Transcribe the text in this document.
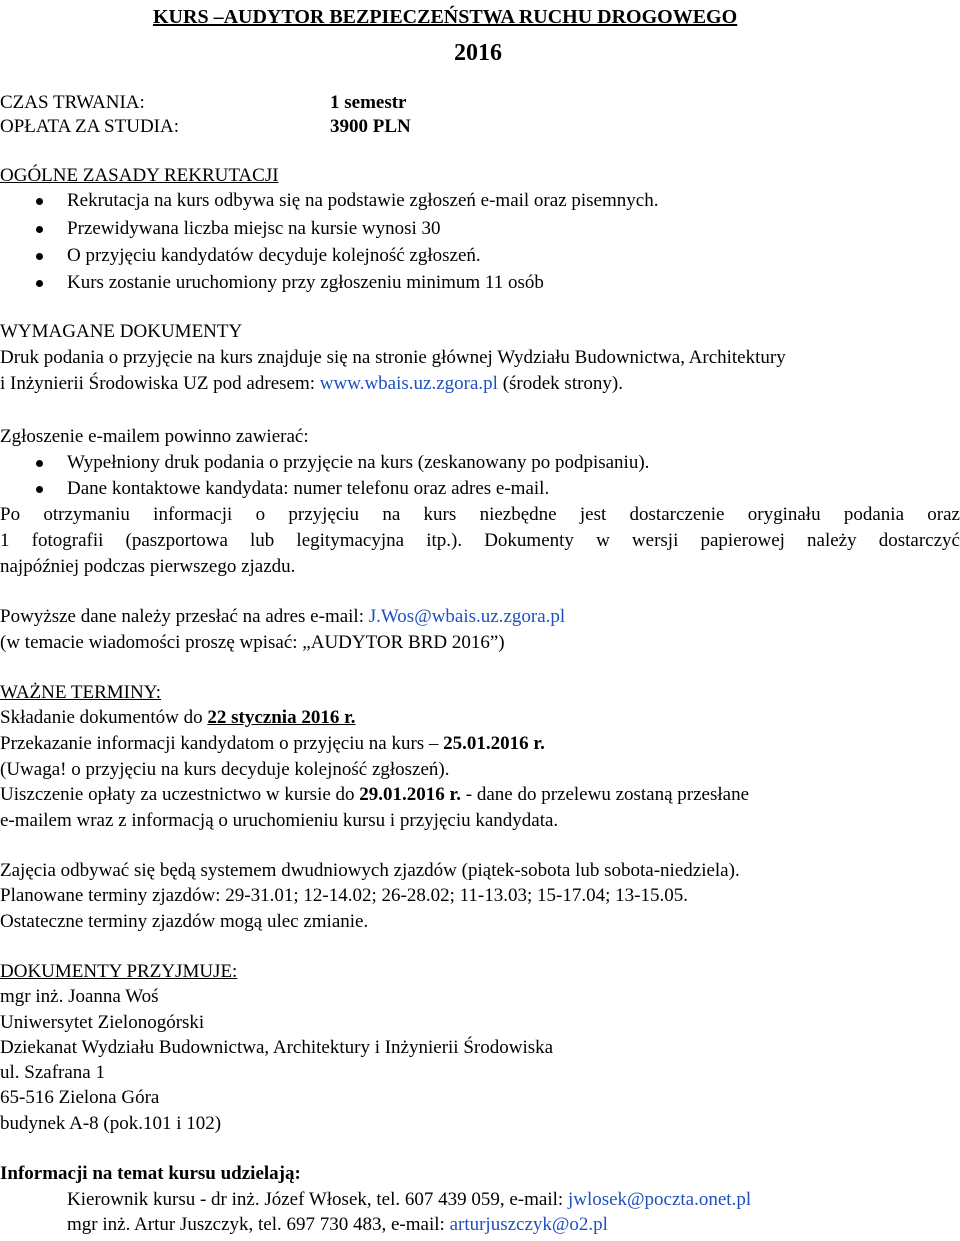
KURS –AUDYTOR BEZPIECZEŃSTWA RUCHU DROGOWEGO
2016
CZAS TRWANIA:	1 semestr
OPŁATA ZA STUDIA:	3900 PLN
OGÓLNE ZASADY REKRUTACJI
Rekrutacja na kurs odbywa się na podstawie zgłoszeń e-mail oraz pisemnych.
Przewidywana liczba miejsc na kursie wynosi 30
O przyjęciu kandydatów decyduje kolejność zgłoszeń.
Kurs zostanie uruchomiony przy zgłoszeniu minimum 11 osób
WYMAGANE DOKUMENTY
Druk podania o przyjęcie na kurs znajduje się na stronie głównej Wydziału Budownictwa, Architektury
i Inżynierii Środowiska UZ pod adresem: www.wbais.uz.zgora.pl (środek strony).
Zgłoszenie e-mailem powinno zawierać:
Wypełniony druk podania o przyjęcie na kurs (zeskanowany po podpisaniu).
Dane kontaktowe kandydata: numer telefonu oraz adres e-mail.
Po otrzymaniu informacji o przyjęciu na kurs niezbędne jest dostarczenie oryginału podania oraz
1 fotografii (paszportowa lub legitymacyjna itp.). Dokumenty w wersji papierowej należy dostarczyć
najpóźniej podczas pierwszego zjazdu.
Powyższe dane należy przesłać na adres e-mail: J.Wos@wbais.uz.zgora.pl
(w temacie wiadomości proszę wpisać: „AUDYTOR BRD 2016”)
WAŻNE TERMINY:
Składanie dokumentów do 22 stycznia 2016 r.
Przekazanie informacji kandydatom o przyjęciu na kurs – 25.01.2016 r.
(Uwaga! o przyjęciu na kurs decyduje kolejność zgłoszeń).
Uiszczenie opłaty za uczestnictwo w kursie do 29.01.2016 r. - dane do przelewu zostaną przesłane
e-mailem wraz z informacją o uruchomieniu kursu i przyjęciu kandydata.
Zajęcia odbywać się będą systemem dwudniowych zjazdów (piątek-sobota lub sobota-niedziela).
Planowane terminy zjazdów: 29-31.01; 12-14.02; 26-28.02; 11-13.03; 15-17.04; 13-15.05.
Ostateczne terminy zjazdów mogą ulec zmianie.
DOKUMENTY PRZYJMUJE:
mgr inż. Joanna Woś
Uniwersytet Zielonogórski
Dziekanat Wydziału Budownictwa, Architektury i Inżynierii Środowiska
ul. Szafrana 1
65-516 Zielona Góra
budynek A-8 (pok.101 i 102)
Informacji na temat kursu udzielają:
Kierownik kursu - dr inż. Józef Włosek, tel. 607 439 059, e-mail: jwlosek@poczta.onet.pl
mgr inż. Artur Juszczyk, tel. 697 730 483, e-mail: arturjuszczyk@o2.pl
